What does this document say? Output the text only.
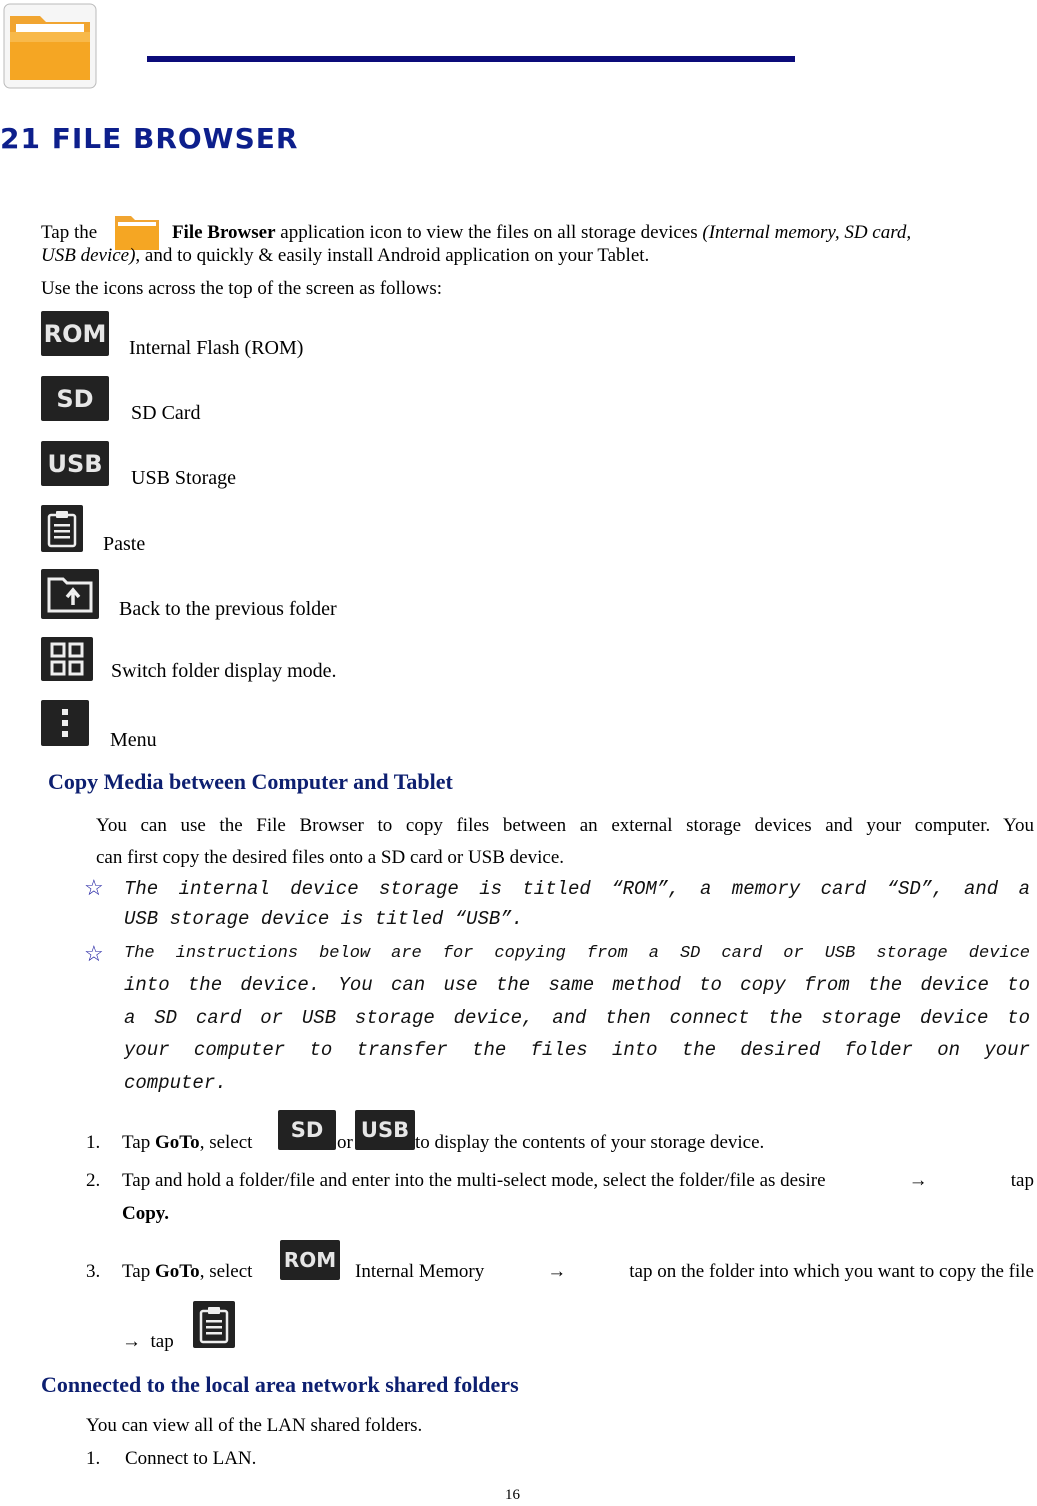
21 FILE BROWSER
Tap the	File Browser application icon to view the files on all storage devices (Internal memory, SD card,
USB device), and to quickly & easily install Android application on your Tablet.
Use the icons across the top of the screen as follows:
ROM
Internal Flash (ROM)
SD
SD Card
USB
USB Storage
Paste
Back to the previous folder
Switch folder display mode.
Menu
Copy Media between Computer and Tablet
You can use the File Browser to copy files between an external storage devices and your computer. You
can first copy the desired files onto a SD card or USB device.
☆ The internal device storage is titled “ROM”, a memory card “SD”, and a
USB storage device is titled “USB”.
☆ The instructions below are for copying from a SD card or USB storage device
into the device. You can use the same method to copy from the device to
a SD card or USB storage device, and then connect the storage device to
your computer to transfer the files into the desired folder on your
computer.
1. Tap GoTo, select
SD
or
USB
to display the contents of your storage device.
2. Tap and hold a folder/file and enter into the multi-select mode, select the folder/file as desire	→	tap
Copy.
3. Tap GoTo, select ROM Internal Memory	→	tap on the folder into which you want to copy the file
→ tap
Connected to the local area network shared folders
You can view all of the LAN shared folders.
1. Connect to LAN.
16
